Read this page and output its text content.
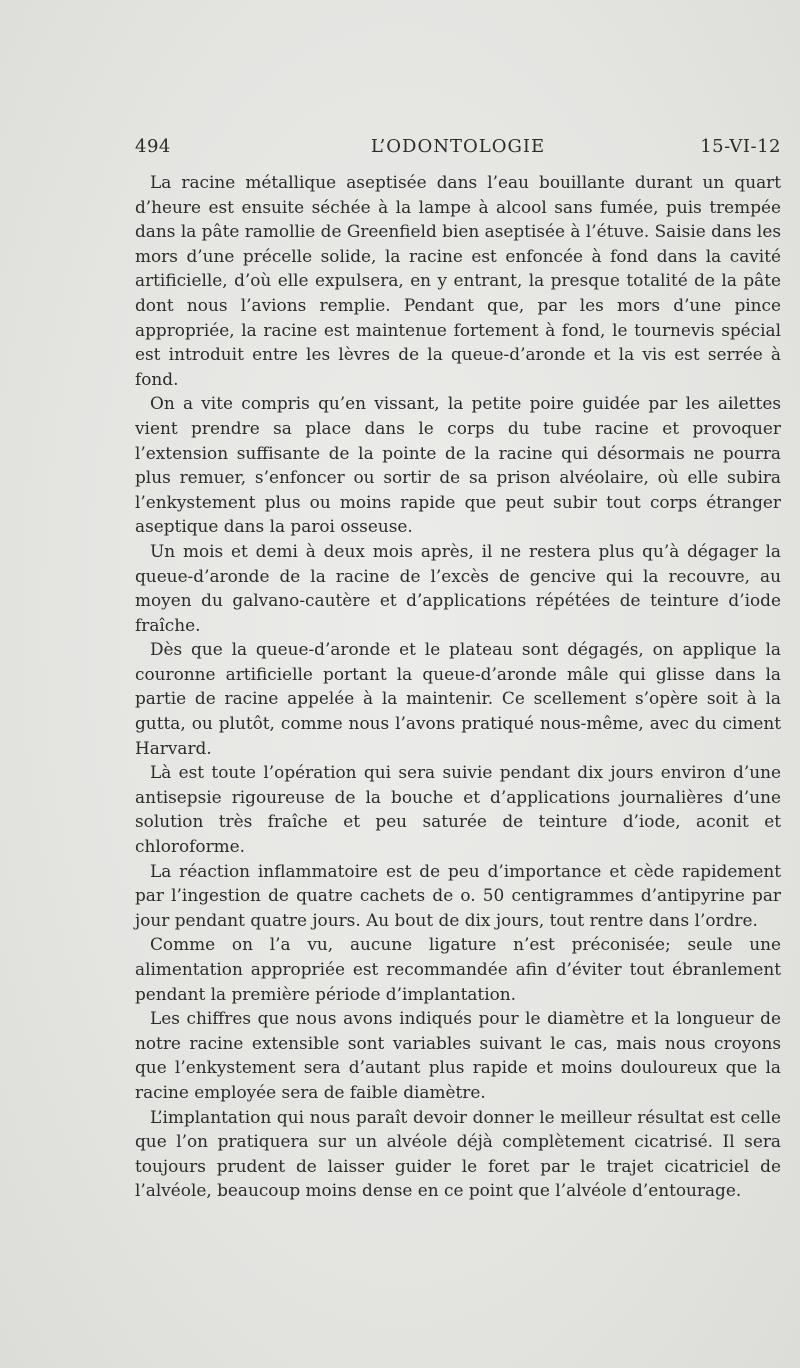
494	L’ODONTOLOGIE	15-VI-12

La racine métallique aseptisée dans l’eau bouillante durant un quart d’heure est ensuite séchée à la lampe à alcool sans fumée, puis trempée dans la pâte ramollie de Greenfield bien aseptisée à l’étuve. Saisie dans les mors d’une précelle solide, la racine est enfoncée à fond dans la cavité artificielle, d’où elle expulsera, en y entrant, la presque totalité de la pâte dont nous l’avions remplie. Pendant que, par les mors d’une pince appropriée, la racine est maintenue fortement à fond, le tournevis spécial est introduit entre les lèvres de la queue-d’aronde et la vis est serrée à fond.

On a vite compris qu’en vissant, la petite poire guidée par les ailettes vient prendre sa place dans le corps du tube racine et provoquer l’extension suffisante de la pointe de la racine qui désormais ne pourra plus remuer, s’enfoncer ou sortir de sa prison alvéolaire, où elle subira l’enkystement plus ou moins rapide que peut subir tout corps étranger aseptique dans la paroi osseuse.

Un mois et demi à deux mois après, il ne restera plus qu’à dégager la queue-d’aronde de la racine de l’excès de gencive qui la recouvre, au moyen du galvano-cautère et d’applications répétées de teinture d’iode fraîche.

Dès que la queue-d’aronde et le plateau sont dégagés, on applique la couronne artificielle portant la queue-d’aronde mâle qui glisse dans la partie de racine appelée à la maintenir. Ce scellement s’opère soit à la gutta, ou plutôt, comme nous l’avons pratiqué nous-même, avec du ciment Harvard.

Là est toute l’opération qui sera suivie pendant dix jours environ d’une antisepsie rigoureuse de la bouche et d’applications journalières d’une solution très fraîche et peu saturée de teinture d’iode, aconit et chloroforme.

La réaction inflammatoire est de peu d’importance et cède rapidement par l’ingestion de quatre cachets de o. 50 centigrammes d’antipyrine par jour pendant quatre jours. Au bout de dix jours, tout rentre dans l’ordre.

Comme on l’a vu, aucune ligature n’est préconisée; seule une alimentation appropriée est recommandée afin d’éviter tout ébranlement pendant la première période d’implantation.

Les chiffres que nous avons indiqués pour le diamètre et la longueur de notre racine extensible sont variables suivant le cas, mais nous croyons que l’enkystement sera d’autant plus rapide et moins douloureux que la racine employée sera de faible diamètre.

L’implantation qui nous paraît devoir donner le meilleur résultat est celle que l’on pratiquera sur un alvéole déjà complètement cicatrisé. Il sera toujours prudent de laisser guider le foret par le trajet cicatriciel de l’alvéole, beaucoup moins dense en ce point que l’alvéole d’entourage.
